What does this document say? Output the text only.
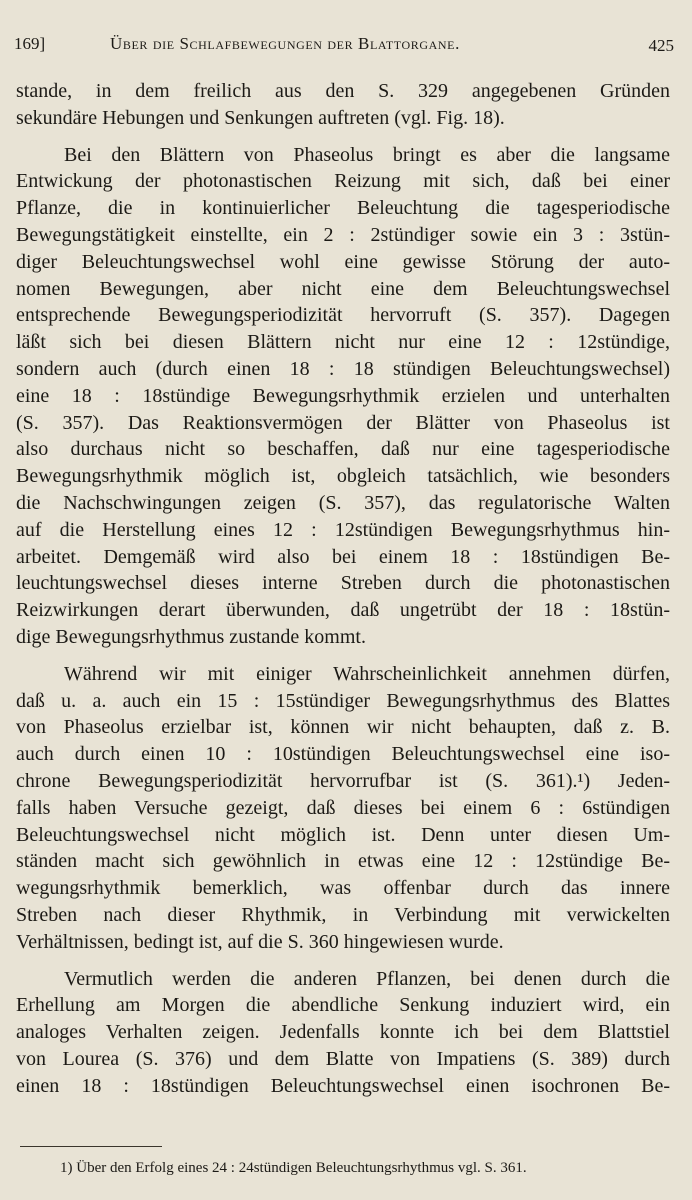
169]	Über die Schlafbewegungen der Blattorgane.	425
stande, in dem freilich aus den S. 329 angegebenen Gründen
sekundäre Hebungen und Senkungen auftreten (vgl. Fig. 18).
Bei den Blättern von Phaseolus bringt es aber die langsame
Entwickung der photonastischen Reizung mit sich, daß bei einer
Pflanze, die in kontinuierlicher Beleuchtung die tagesperiodische
Bewegungstätigkeit einstellte, ein 2 : 2stündiger sowie ein 3 : 3stün-
diger Beleuchtungswechsel wohl eine gewisse Störung der auto-
nomen Bewegungen, aber nicht eine dem Beleuchtungswechsel
entsprechende Bewegungsperiodizität hervorruft (S. 357). Dagegen
läßt sich bei diesen Blättern nicht nur eine 12 : 12stündige,
sondern auch (durch einen 18 : 18 stündigen Beleuchtungswechsel)
eine 18 : 18stündige Bewegungsrhythmik erzielen und unterhalten
(S. 357). Das Reaktionsvermögen der Blätter von Phaseolus ist
also durchaus nicht so beschaffen, daß nur eine tagesperiodische
Bewegungsrhythmik möglich ist, obgleich tatsächlich, wie besonders
die Nachschwingungen zeigen (S. 357), das regulatorische Walten
auf die Herstellung eines 12 : 12stündigen Bewegungsrhythmus hin-
arbeitet. Demgemäß wird also bei einem 18 : 18stündigen Be-
leuchtungswechsel dieses interne Streben durch die photonastischen
Reizwirkungen derart überwunden, daß ungetrübt der 18 : 18stün-
dige Bewegungsrhythmus zustande kommt.
Während wir mit einiger Wahrscheinlichkeit annehmen dürfen,
daß u. a. auch ein 15 : 15stündiger Bewegungsrhythmus des Blattes
von Phaseolus erzielbar ist, können wir nicht behaupten, daß z. B.
auch durch einen 10 : 10stündigen Beleuchtungswechsel eine iso-
chrone Bewegungsperiodizität hervorrufbar ist (S. 361).¹) Jeden-
falls haben Versuche gezeigt, daß dieses bei einem 6 : 6stündigen
Beleuchtungswechsel nicht möglich ist. Denn unter diesen Um-
ständen macht sich gewöhnlich in etwas eine 12 : 12stündige Be-
wegungsrhythmik bemerklich, was offenbar durch das innere
Streben nach dieser Rhythmik, in Verbindung mit verwickelten
Verhältnissen, bedingt ist, auf die S. 360 hingewiesen wurde.
Vermutlich werden die anderen Pflanzen, bei denen durch die
Erhellung am Morgen die abendliche Senkung induziert wird, ein
analoges Verhalten zeigen. Jedenfalls konnte ich bei dem Blattstiel
von Lourea (S. 376) und dem Blatte von Impatiens (S. 389) durch
einen 18 : 18stündigen Beleuchtungswechsel einen isochronen Be-
1) Über den Erfolg eines 24 : 24stündigen Beleuchtungsrhythmus vgl. S. 361.
